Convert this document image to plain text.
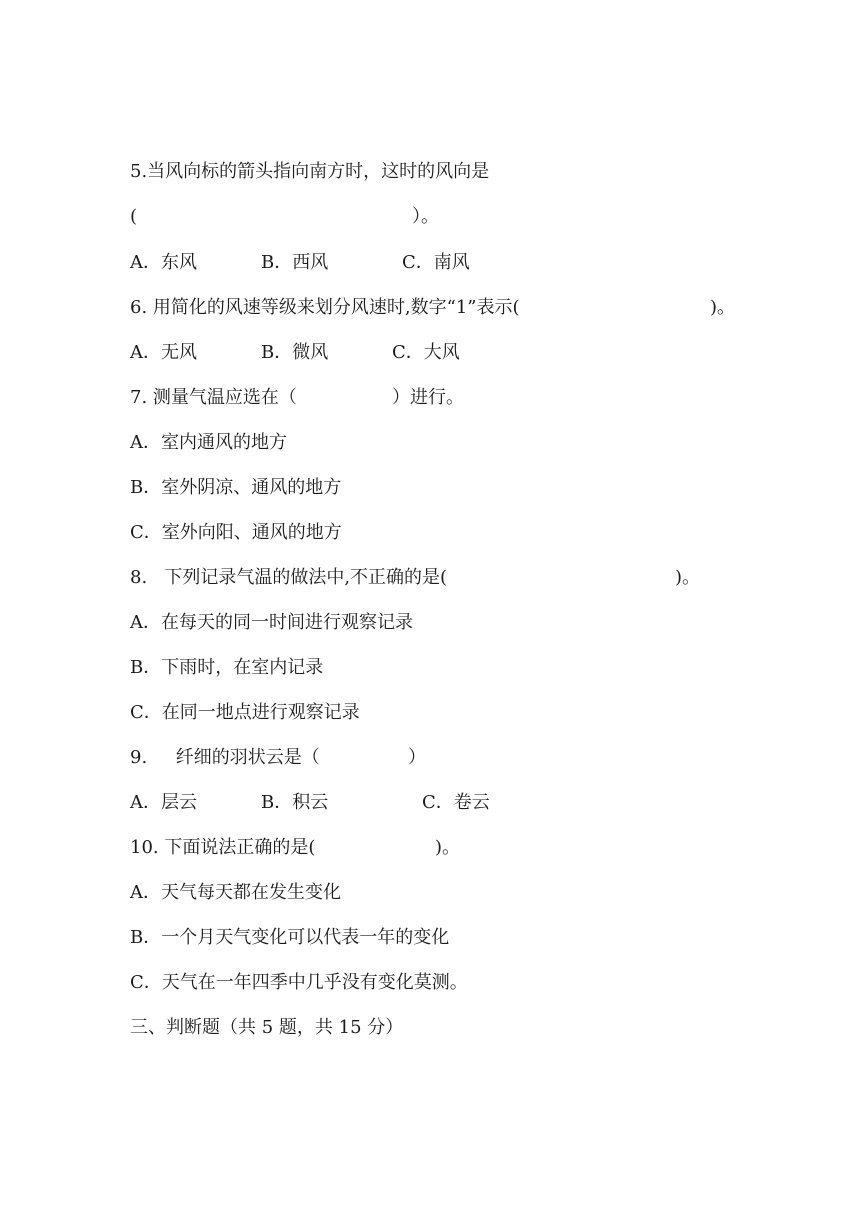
5.当风向标的箭头指向南方时，这时的风向是

(

	）。

A．东风

	B．西风

	C．南风

6. 用简化的风速等级来划分风速时,数字“1”表示(

	)。

A．无风

	B．微风

	C．大风

7. 测量气温应选在（

	）进行。

A．室内通风的地方

B．室外阴凉、通风的地方

C．室外向阳、通风的地方

8.   下列记录气温的做法中,不正确的是(

	)。

A．在每天的同一时间进行观察记录

B．下雨时，在室内记录

C．在同一地点进行观察记录

9.     纤细的羽状云是（

	）

A．层云

	B．积云

	C．卷云

10. 下面说法正确的是(

	)。

A．天气每天都在发生变化

B．一个月天气变化可以代表一年的变化

C．天气在一年四季中几乎没有变化莫测。

三、判断题（共 5 题，共 15 分）
